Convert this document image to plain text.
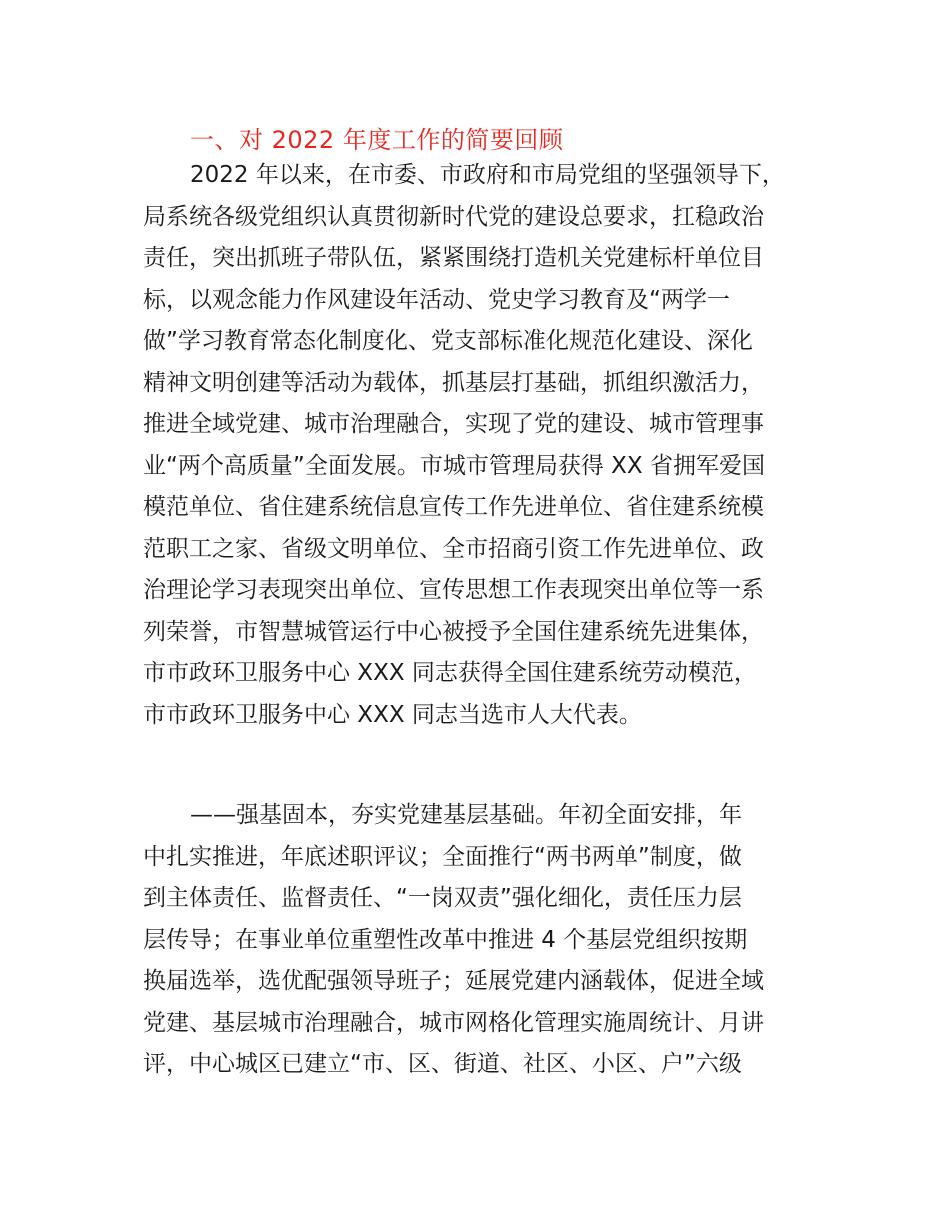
一、对 2022 年度工作的简要回顾
2022 年以来，在市委、市政府和市局党组的坚强领导下，
局系统各级党组织认真贯彻新时代党的建设总要求，扛稳政治
责任，突出抓班子带队伍，紧紧围绕打造机关党建标杆单位目
标，以观念能力作风建设年活动、党史学习教育及“两学一
做”学习教育常态化制度化、党支部标准化规范化建设、深化
精神文明创建等活动为载体，抓基层打基础，抓组织激活力，
推进全域党建、城市治理融合，实现了党的建设、城市管理事
业“两个高质量”全面发展。市城市管理局获得 XX 省拥军爱国
模范单位、省住建系统信息宣传工作先进单位、省住建系统模
范职工之家、省级文明单位、全市招商引资工作先进单位、政
治理论学习表现突出单位、宣传思想工作表现突出单位等一系
列荣誉，市智慧城管运行中心被授予全国住建系统先进集体，
市市政环卫服务中心 XXX 同志获得全国住建系统劳动模范，
市市政环卫服务中心 XXX 同志当选市人大代表。
——强基固本，夯实党建基层基础。年初全面安排，年
中扎实推进，年底述职评议；全面推行“两书两单”制度，做
到主体责任、监督责任、“一岗双责”强化细化，责任压力层
层传导；在事业单位重塑性改革中推进 4 个基层党组织按期
换届选举，选优配强领导班子；延展党建内涵载体，促进全域
党建、基层城市治理融合，城市网格化管理实施周统计、月讲
评，中心城区已建立“市、区、街道、社区、小区、户”六级
